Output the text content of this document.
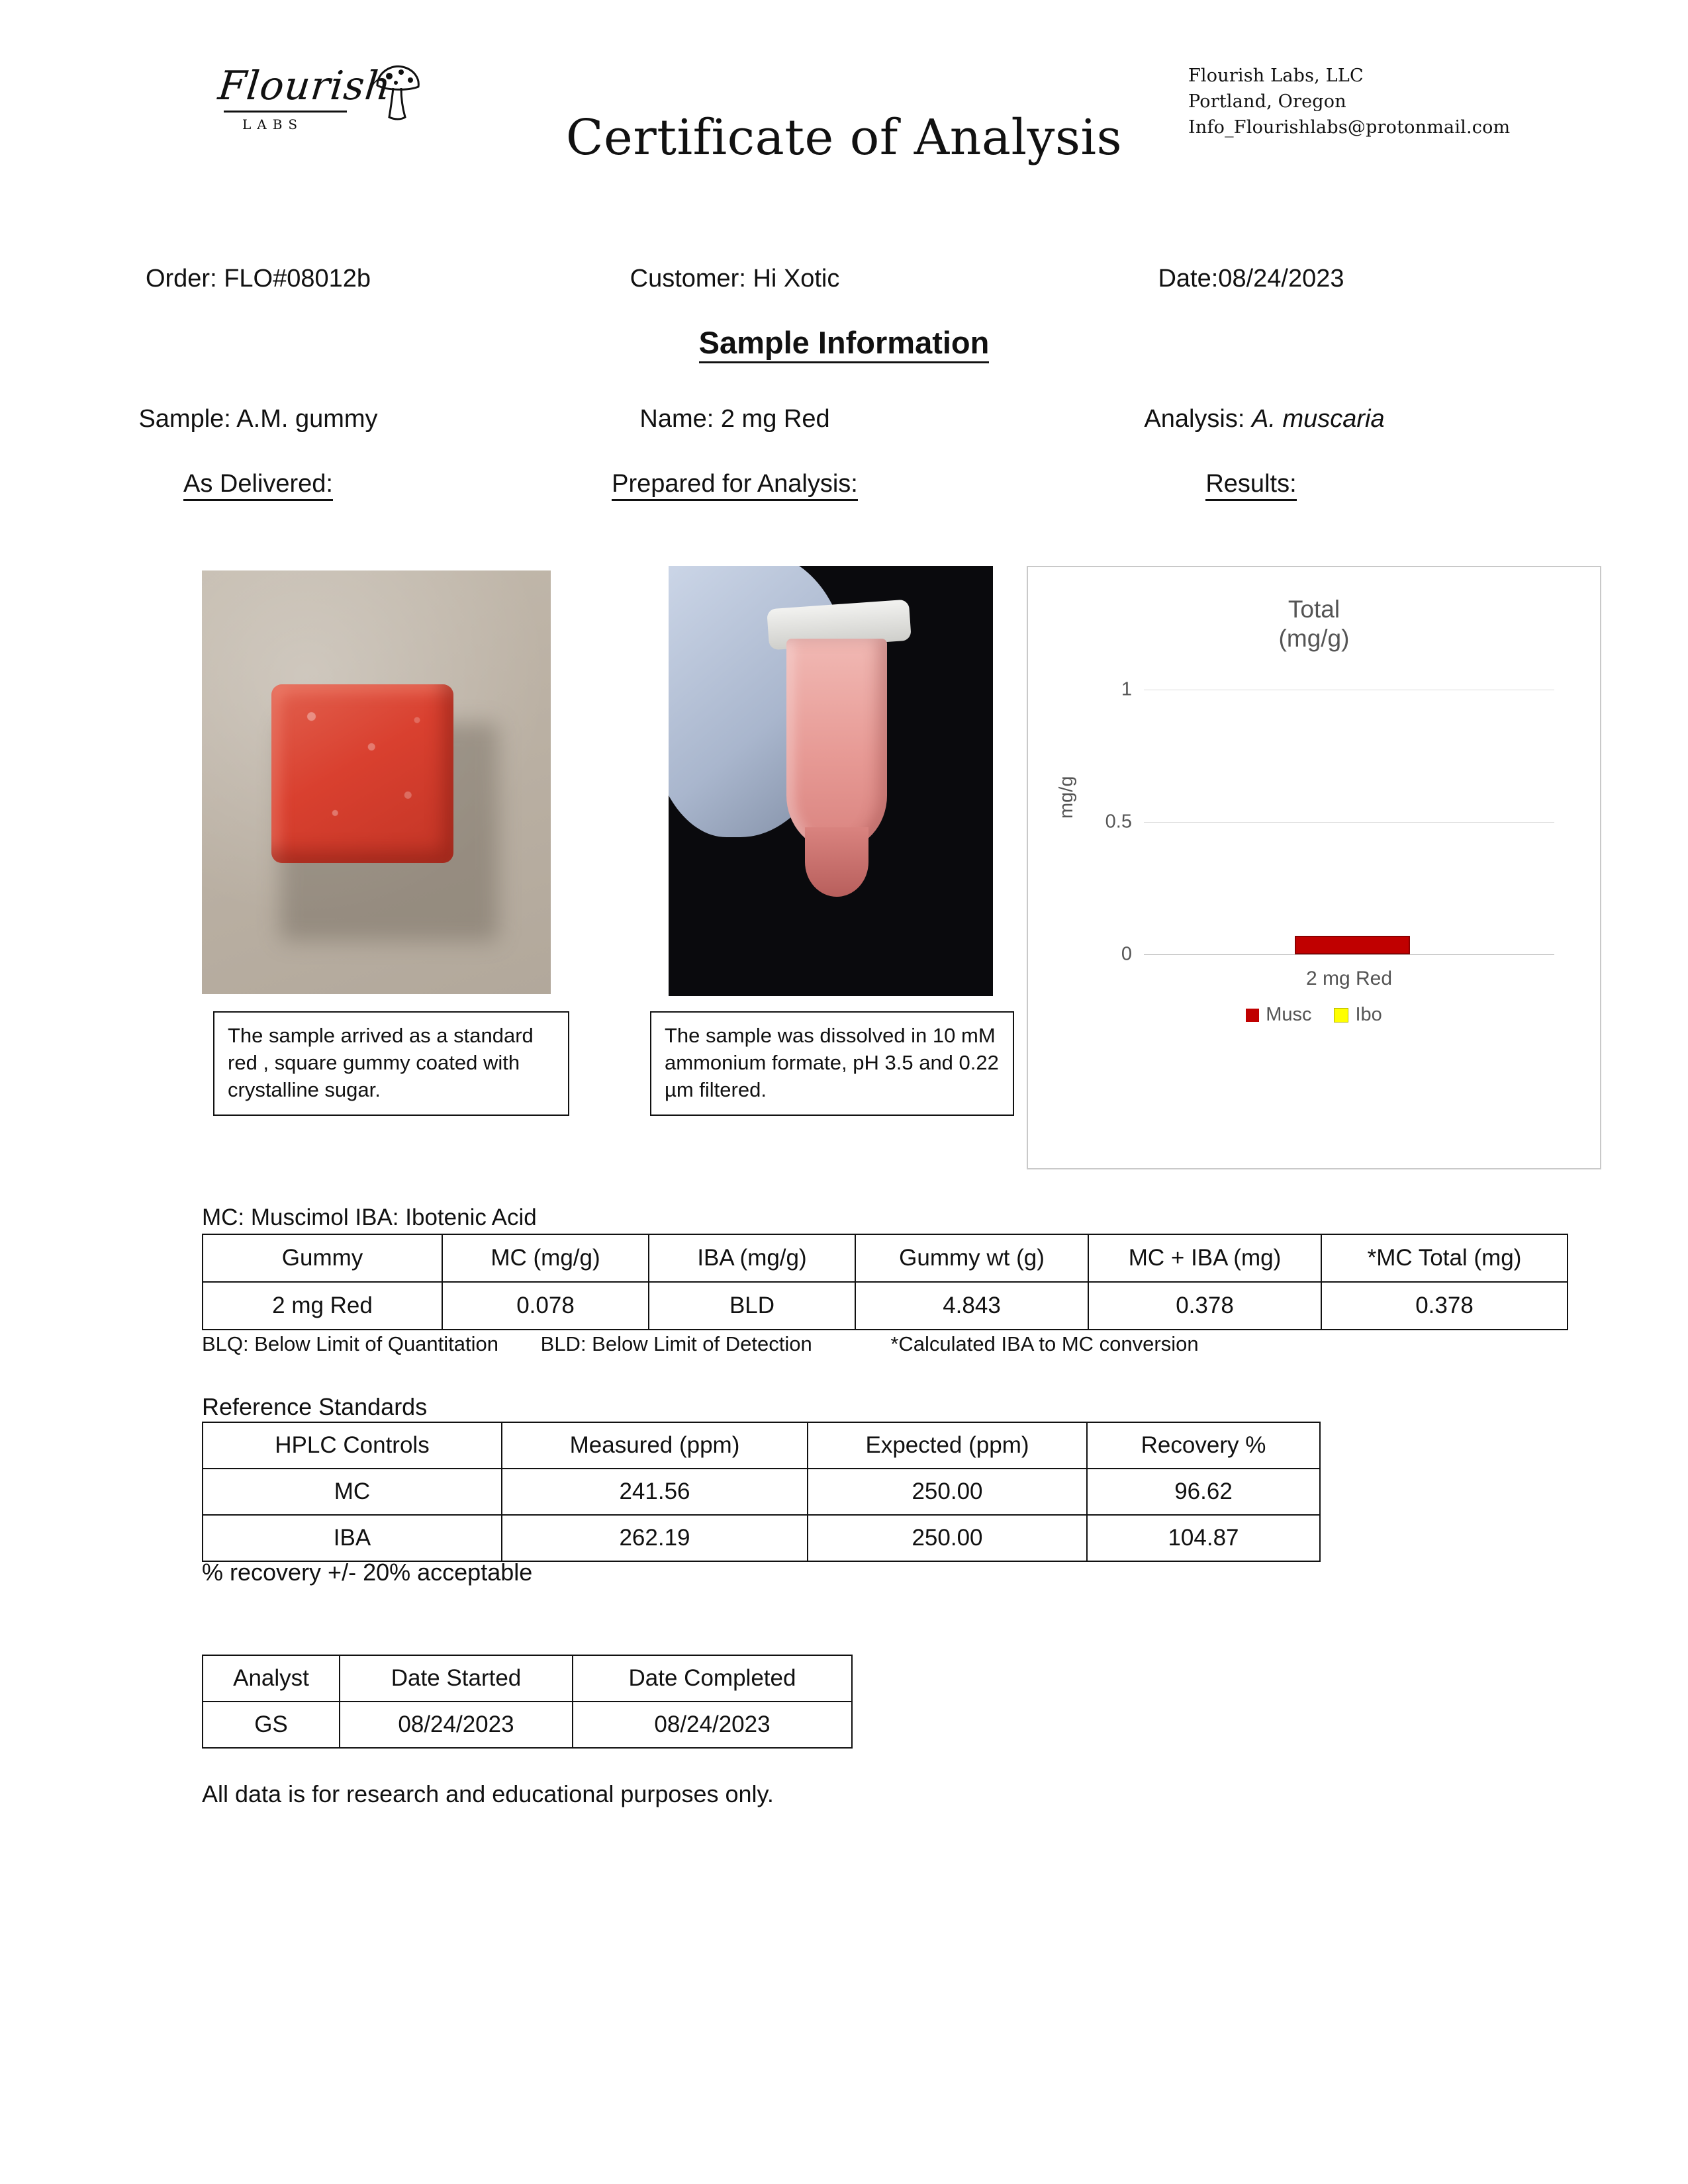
Flourish
LABS	Certificate of Analysis
Flourish Labs, LLC
Portland, Oregon
Info_Flourishlabs@protonmail.com
Order: FLO#08012b	Customer: Hi Xotic	Date:08/24/2023
Sample Information
Sample: A.M. gummy	Name: 2 mg Red	Analysis: A. muscaria
As Delivered:	Prepared for Analysis:	Results:
Total
(mg/g)
mg/g
1
0.5
0
2 mg Red
Musc Ibo
The sample arrived as a standard red , square gummy coated with crystalline sugar.
The sample was dissolved in 10 mM ammonium formate, pH 3.5 and 0.22 µm filtered.
MC: Muscimol IBA: Ibotenic Acid
Gummy	MC (mg/g)	IBA (mg/g)	Gummy wt (g)	MC + IBA (mg)	*MC Total (mg)
2 mg Red	0.078	BLD	4.843	0.378	0.378
BLQ: Below Limit of Quantitation BLD: Below Limit of Detection	*Calculated IBA to MC conversion
Reference Standards
HPLC Controls	Measured (ppm)	Expected (ppm)	Recovery %
MC	241.56	250.00	96.62
IBA	262.19	250.00	104.87
% recovery +/- 20% acceptable
Analyst	Date Started	Date Completed
GS	08/24/2023	08/24/2023
All data is for research and educational purposes only.
